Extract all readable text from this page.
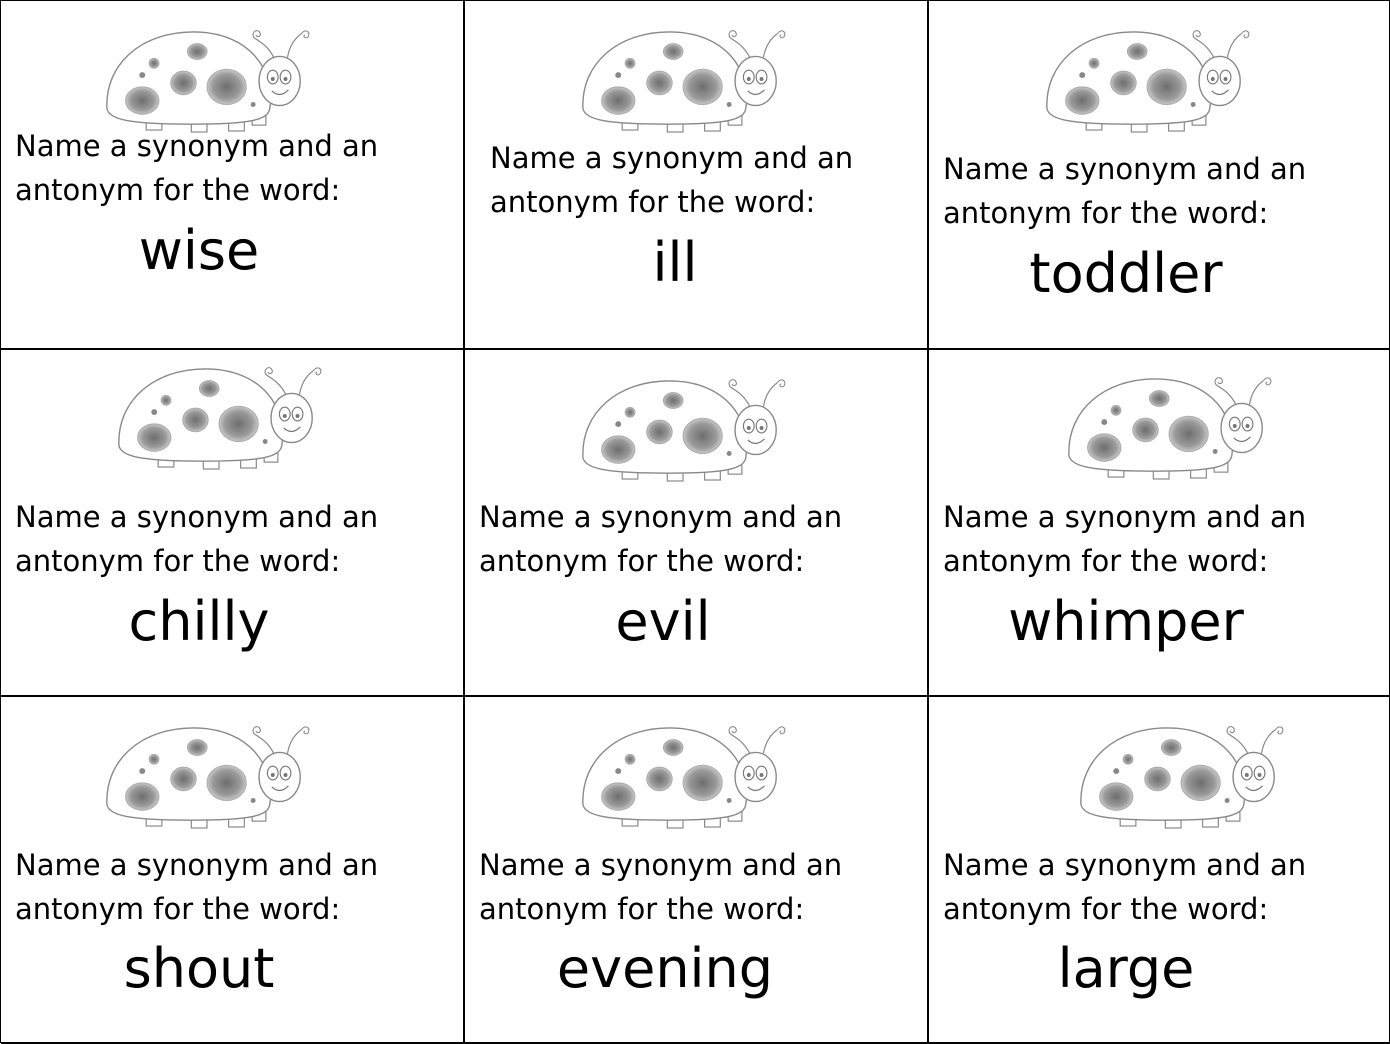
Name a synonym and an
antonym for the word:
wise
Name a synonym and an
antonym for the word:
ill
Name a synonym and an
antonym for the word:
toddler
Name a synonym and an
antonym for the word:
chilly
Name a synonym and an
antonym for the word:
evil
Name a synonym and an
antonym for the word:
whimper
Name a synonym and an
antonym for the word:
shout
Name a synonym and an
antonym for the word:
evening
Name a synonym and an
antonym for the word:
large
